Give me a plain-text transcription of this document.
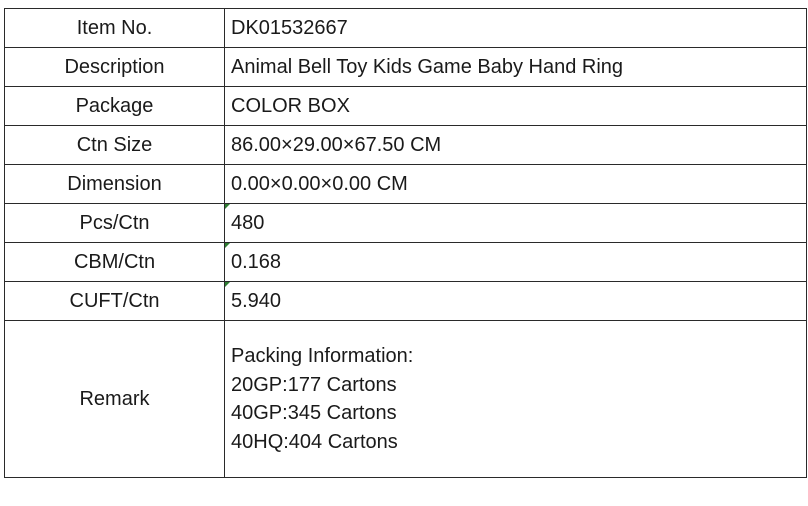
Item No.	DK01532667
Description	Animal Bell Toy Kids Game Baby Hand Ring
Package	COLOR BOX
Ctn Size	86.00×29.00×67.50 CM
Dimension	0.00×0.00×0.00 CM
Pcs/Ctn	480
CBM/Ctn	0.168
CUFT/Ctn	5.940
Remark	Packing Information:
20GP:177 Cartons
40GP:345 Cartons
40HQ:404 Cartons
